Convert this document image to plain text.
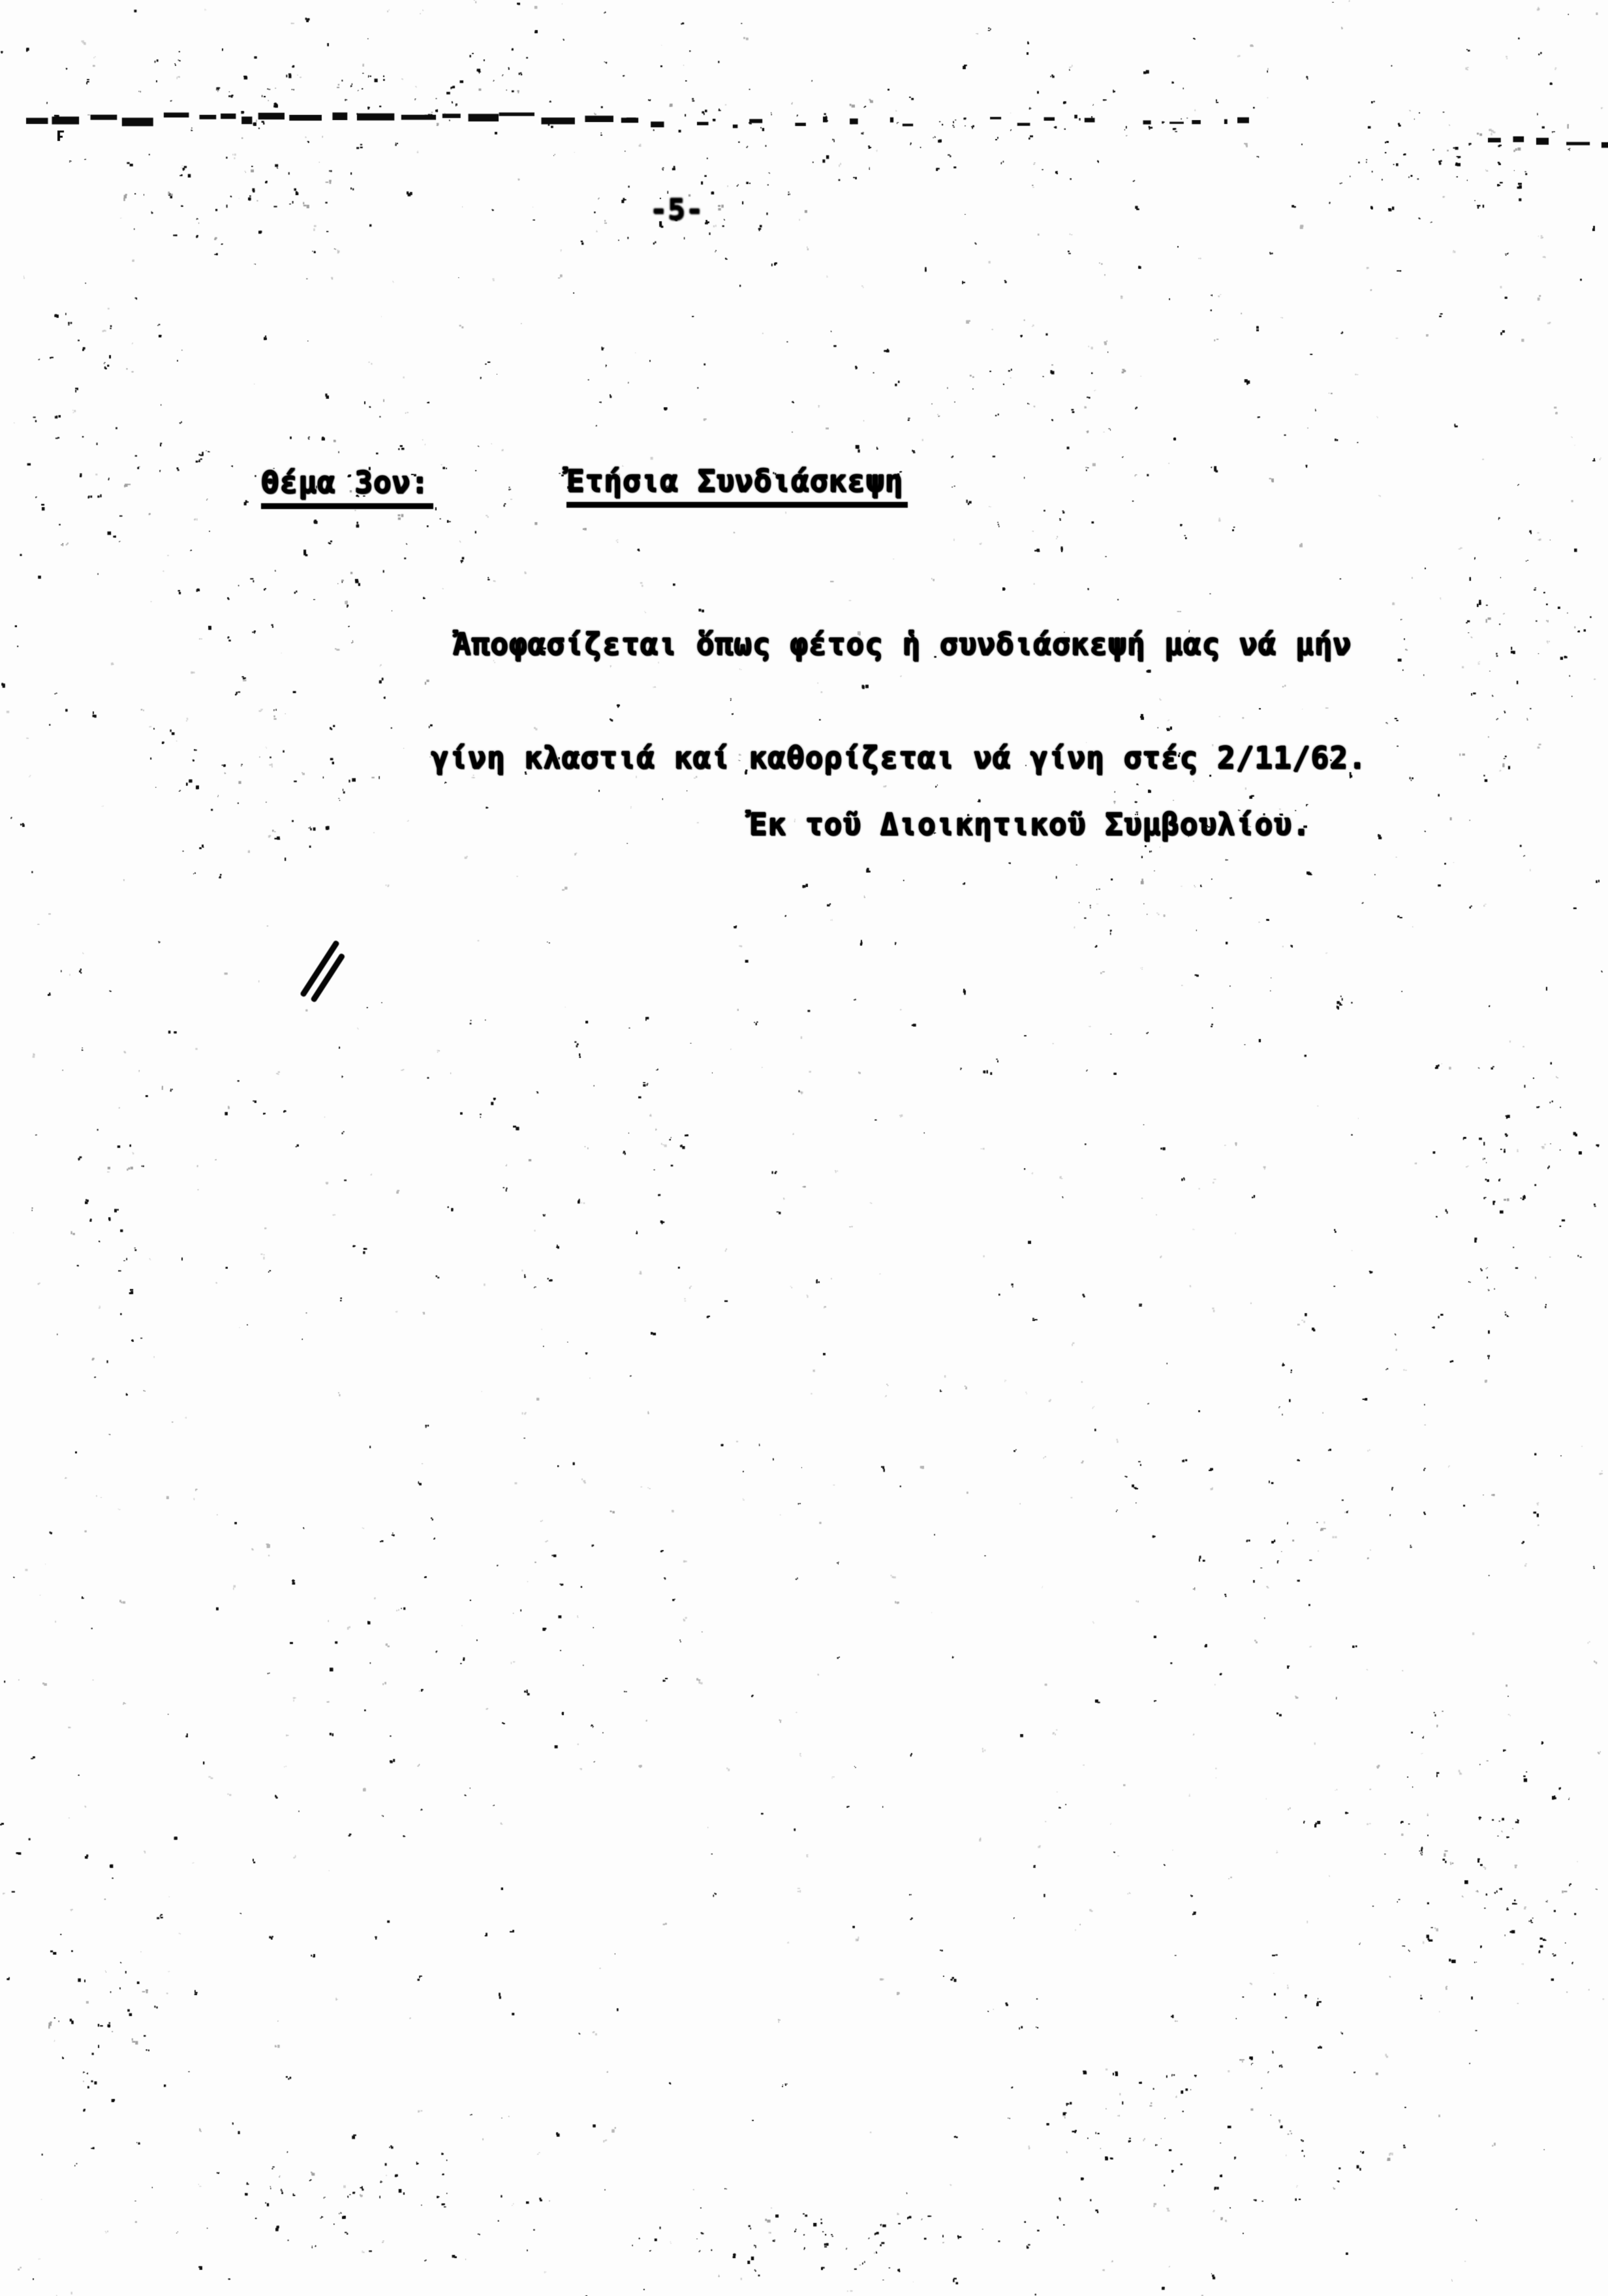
-5-
Θέμα 3ον:	Ἐτήσια Συνδιάσκεψη

Ἀποφασίζεται ὅπως φέτος ἡ συνδιάσκεψή μας νά μήν

γίνη κλαστιά καί καθορίζεται νά γίνη στές 2/11/62.

Ἐκ τοῦ Διοικητικοῦ Συμβουλίου.
